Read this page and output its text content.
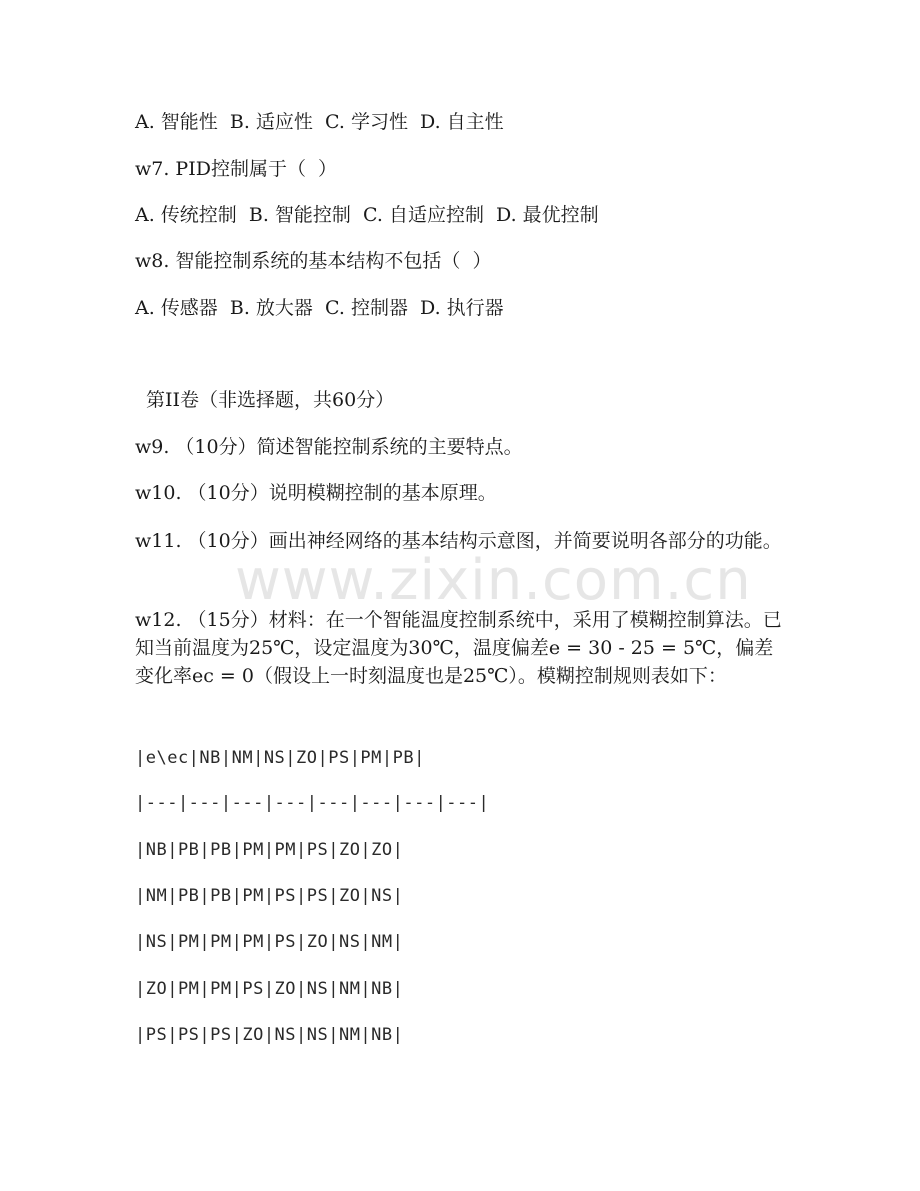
www.zixin.com.cn
A. 智能性  B. 适应性  C. 学习性  D. 自主性
w7. PID控制属于（  ）
A. 传统控制  B. 智能控制  C. 自适应控制  D. 最优控制
w8. 智能控制系统的基本结构不包括（  ）
A. 传感器  B. 放大器  C. 控制器  D. 执行器
第II卷（非选择题，共60分）
w9. （10分）简述智能控制系统的主要特点。
w10. （10分）说明模糊控制的基本原理。
w11. （10分）画出神经网络的基本结构示意图，并简要说明各部分的功能。
w12. （15分）材料：在一个智能温度控制系统中，采用了模糊控制算法。已知当前温度为25℃，设定温度为30℃，温度偏差e = 30 - 25 = 5℃，偏差变化率ec = 0（假设上一时刻温度也是25℃）。模糊控制规则表如下：
|e\ec|NB|NM|NS|ZO|PS|PM|PB|
|---|---|---|---|---|---|---|---|
|NB|PB|PB|PM|PM|PS|ZO|ZO|
|NM|PB|PB|PM|PS|PS|ZO|NS|
|NS|PM|PM|PM|PS|ZO|NS|NM|
|ZO|PM|PM|PS|ZO|NS|NM|NB|
|PS|PS|PS|ZO|NS|NS|NM|NB|
